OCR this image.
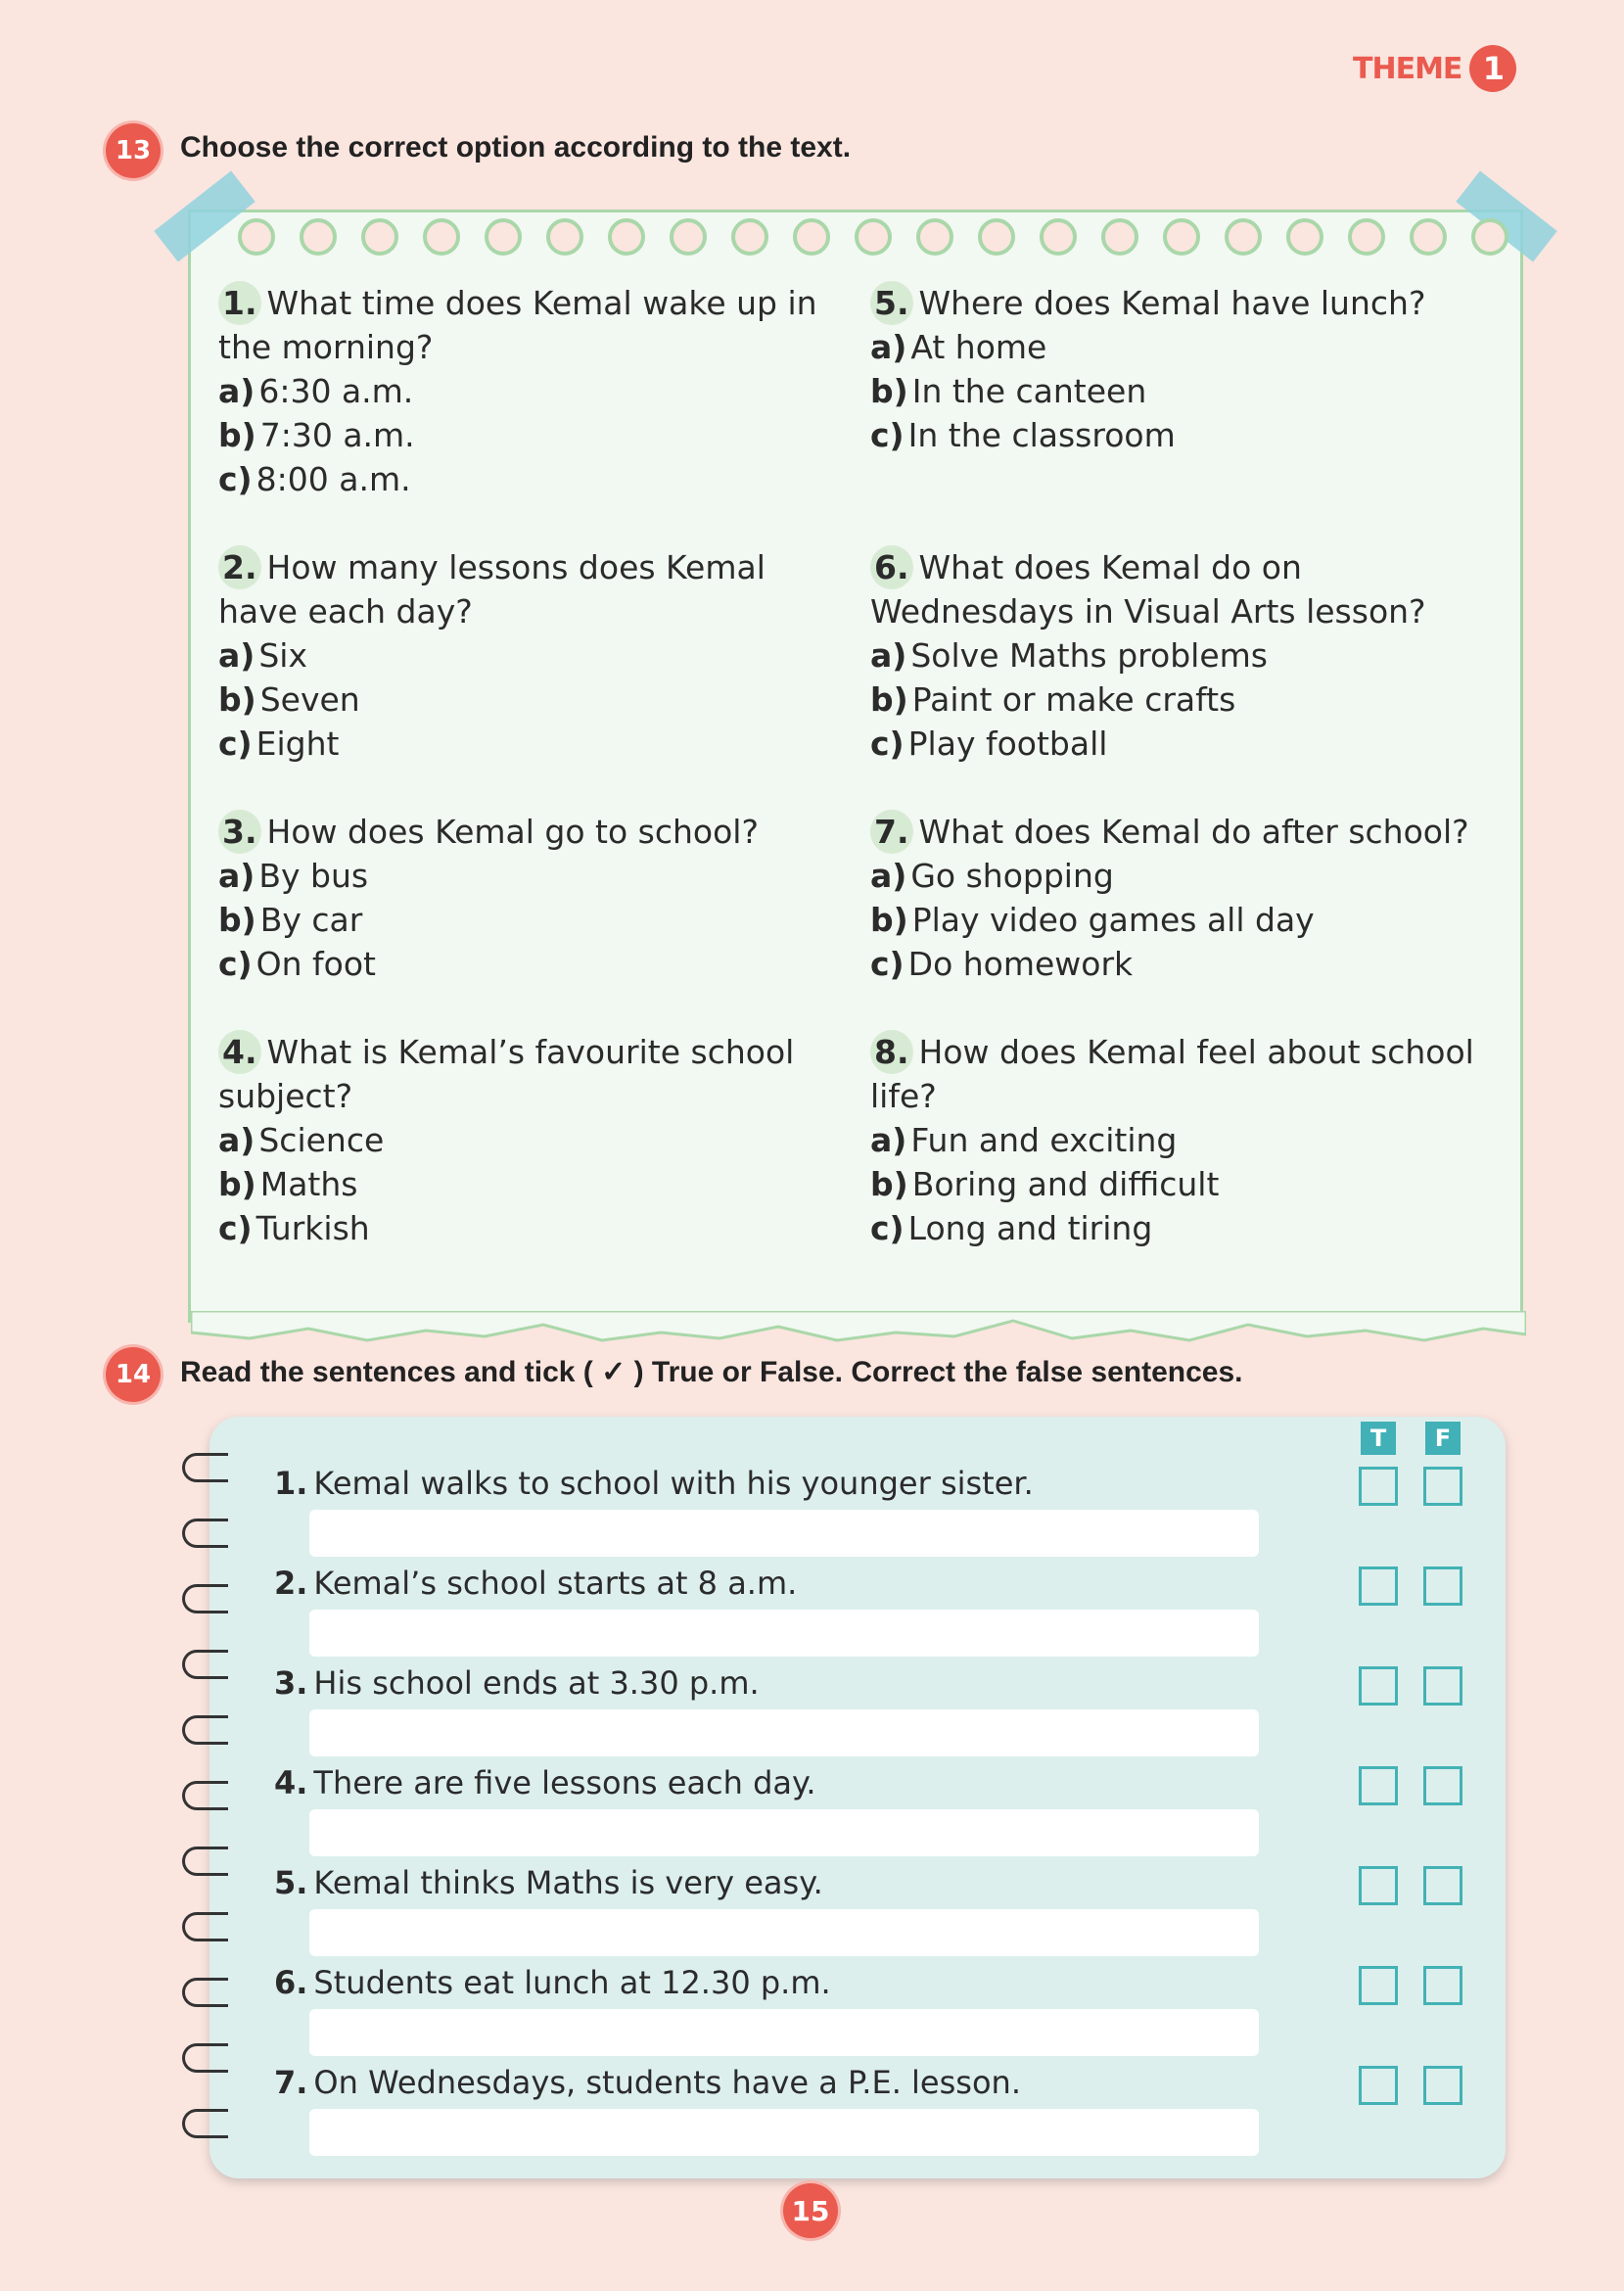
THEME 1
13 Choose the correct option according to the text.
1. What time does Kemal wake up in the morning?
a) 6:30 a.m.
b) 7:30 a.m.
c) 8:00 a.m.
2. How many lessons does Kemal have each day?
a) Six
b) Seven
c) Eight
3. How does Kemal go to school?
a) By bus
b) By car
c) On foot
4. What is Kemal’s favourite school subject?
a) Science
b) Maths
c) Turkish
5. Where does Kemal have lunch?
a) At home
b) In the canteen
c) In the classroom
6. What does Kemal do on Wednesdays in Visual Arts lesson?
a) Solve Maths problems
b) Paint or make crafts
c) Play football
7. What does Kemal do after school?
a) Go shopping
b) Play video games all day
c) Do homework
8. How does Kemal feel about school life?
a) Fun and exciting
b) Boring and difficult
c) Long and tiring
14 Read the sentences and tick ( ✓ ) True or False. Correct the false sentences.
T	F
1. Kemal walks to school with his younger sister.
2. Kemal’s school starts at 8 a.m.
3. His school ends at 3.30 p.m.
4. There are five lessons each day.
5. Kemal thinks Maths is very easy.
6. Students eat lunch at 12.30 p.m.
7. On Wednesdays, students have a P.E. lesson.
15
